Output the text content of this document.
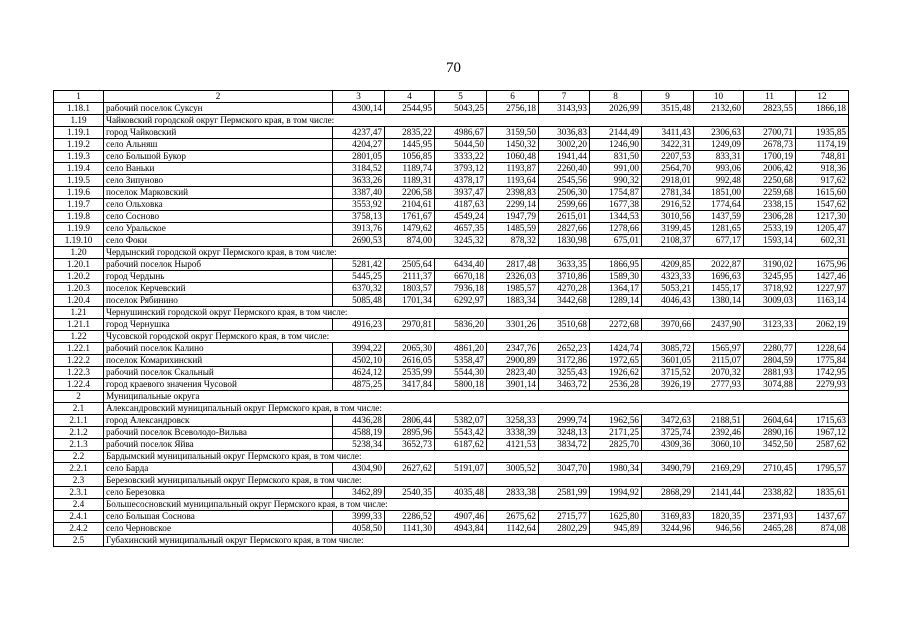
70
1	2	3	4	5	6	7	8	9	10	11	12
1.18.1	рабочий поселок Суксун	4300,14	2544,95	5043,25	2756,18	3143,93	2026,99	3515,48	2132,60	2823,55	1866,18
1.19	Чайковский городской округ Пермского края, в том числе:										
1.19.1	город Чайковский	4237,47	2835,22	4986,67	3159,50	3036,83	2144,49	3411,43	2306,63	2700,71	1935,85
1.19.2	село Альняш	4204,27	1445,95	5044,50	1450,32	3002,20	1246,90	3422,31	1249,09	2678,73	1174,19
1.19.3	село Большой Букор	2801,05	1056,85	3333,22	1060,48	1941,44	831,50	2207,53	833,31	1700,19	748,81
1.19.4	село Ваньки	3184,52	1189,74	3793,12	1193,87	2260,40	991,00	2564,70	993,06	2006,42	918,36
1.19.5	село Зипуново	3633,26	1189,31	4378,17	1193,64	2545,56	990,32	2918,01	992,48	2250,68	917,62
1.19.6	поселок Марковский	3387,40	2206,58	3937,47	2398,83	2506,30	1754,87	2781,34	1851,00	2259,68	1615,60
1.19.7	село Ольховка	3553,92	2104,61	4187,63	2299,14	2599,66	1677,38	2916,52	1774,64	2338,15	1547,62
1.19.8	село Сосново	3758,13	1761,67	4549,24	1947,79	2615,01	1344,53	3010,56	1437,59	2306,28	1217,30
1.19.9	село Уральское	3913,76	1479,62	4657,35	1485,59	2827,66	1278,66	3199,45	1281,65	2533,19	1205,47
1.19.10	село Фоки	2690,53	874,00	3245,32	878,32	1830,98	675,01	2108,37	677,17	1593,14	602,31
1.20	Чердынский городской округ Пермского края, в том числе:										
1.20.1	рабочий поселок Ныроб	5281,42	2505,64	6434,40	2817,48	3633,35	1866,95	4209,85	2022,87	3190,02	1675,96
1.20.2	город Чердынь	5445,25	2111,37	6670,18	2326,03	3710,86	1589,30	4323,33	1696,63	3245,95	1427,46
1.20.3	поселок Керчевский	6370,32	1803,57	7936,18	1985,57	4270,28	1364,17	5053,21	1455,17	3718,92	1227,97
1.20.4	поселок Рябинино	5085,48	1701,34	6292,97	1883,34	3442,68	1289,14	4046,43	1380,14	3009,03	1163,14
1.21	Чернушинский городской округ Пермского края, в том числе:										
1.21.1	город Чернушка	4916,23	2970,81	5836,20	3301,26	3510,68	2272,68	3970,66	2437,90	3123,33	2062,19
1.22	Чусовской городской округ Пермского края, в том числе:										
1.22.1	рабочий поселок Калино	3994,22	2065,30	4861,20	2347,76	2652,23	1424,74	3085,72	1565,97	2280,77	1228,64
1.22.2	поселок Комарихинский	4502,10	2616,05	5358,47	2900,89	3172,86	1972,65	3601,05	2115,07	2804,59	1775,84
1.22.3	рабочий поселок Скальный	4624,12	2535,99	5544,30	2823,40	3255,43	1926,62	3715,52	2070,32	2881,93	1742,95
1.22.4	город краевого значения Чусовой	4875,25	3417,84	5800,18	3901,14	3463,72	2536,28	3926,19	2777,93	3074,88	2279,93
2	Муниципальные округа										
2.1	Александровский муниципальный округ Пермского края, в том числе:										
2.1.1	город Александровск	4436,28	2806,44	5382,07	3258,33	2999,74	1962,56	3472,63	2188,51	2604,64	1715,63
2.1.2	рабочий поселок Всеволодо-Вильва	4588,19	2895,96	5543,42	3338,39	3248,13	2171,25	3725,74	2392,46	2890,16	1967,12
2.1.3	рабочий поселок Яйва	5238,34	3652,73	6187,62	4121,53	3834,72	2825,70	4309,36	3060,10	3452,50	2587,62
2.2	Бардымский муниципальный округ Пермского края, в том числе:										
2.2.1	село Барда	4304,90	2627,62	5191,07	3005,52	3047,70	1980,34	3490,79	2169,29	2710,45	1795,57
2.3	Березовский муниципальный округ Пермского края, в том числе:										
2.3.1	село Березовка	3462,89	2540,35	4035,48	2833,38	2581,99	1994,92	2868,29	2141,44	2338,82	1835,61
2.4	Большесосновский муниципальный округ Пермского края, в том числе:										
2.4.1	село Большая Соснова	3999,33	2286,52	4907,46	2675,62	2715,77	1625,80	3169,83	1820,35	2371,93	1437,67
2.4.2	село Черновское	4058,50	1141,30	4943,84	1142,64	2802,29	945,89	3244,96	946,56	2465,28	874,08
2.5	Губахинский муниципальный округ Пермского края, в том числе:										
